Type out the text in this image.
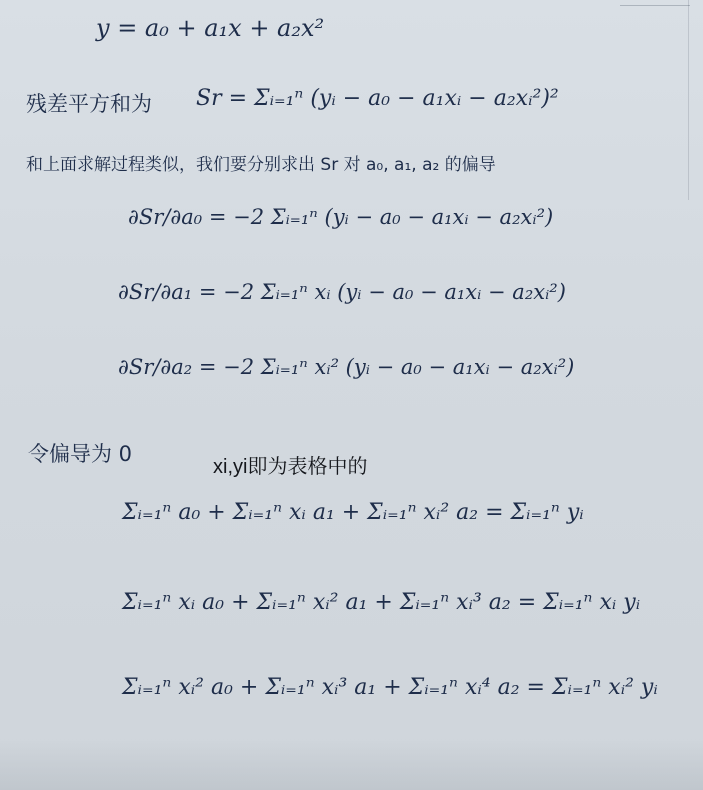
y = a₀ + a₁x + a₂x²
残差平方和为 Sr = Σᵢ₌₁ⁿ (yᵢ − a₀ − a₁xᵢ − a₂xᵢ²)²
和上面求解过程类似，我们要分别求出 Sr 对 a₀, a₁, a₂ 的偏导
∂Sr/∂a₀ = −2 Σᵢ₌₁ⁿ (yᵢ − a₀ − a₁xᵢ − a₂xᵢ²)
∂Sr/∂a₁ = −2 Σᵢ₌₁ⁿ xᵢ (yᵢ − a₀ − a₁xᵢ − a₂xᵢ²)
∂Sr/∂a₂ = −2 Σᵢ₌₁ⁿ xᵢ² (yᵢ − a₀ − a₁xᵢ − a₂xᵢ²)
令偏导为 0
xi,yi即为表格中的
Σᵢ₌₁ⁿ a₀ + Σᵢ₌₁ⁿ xᵢ a₁ + Σᵢ₌₁ⁿ xᵢ² a₂ = Σᵢ₌₁ⁿ yᵢ
Σᵢ₌₁ⁿ xᵢ a₀ + Σᵢ₌₁ⁿ xᵢ² a₁ + Σᵢ₌₁ⁿ xᵢ³ a₂ = Σᵢ₌₁ⁿ xᵢ yᵢ
Σᵢ₌₁ⁿ xᵢ² a₀ + Σᵢ₌₁ⁿ xᵢ³ a₁ + Σᵢ₌₁ⁿ xᵢ⁴ a₂ = Σᵢ₌₁ⁿ xᵢ² yᵢ
